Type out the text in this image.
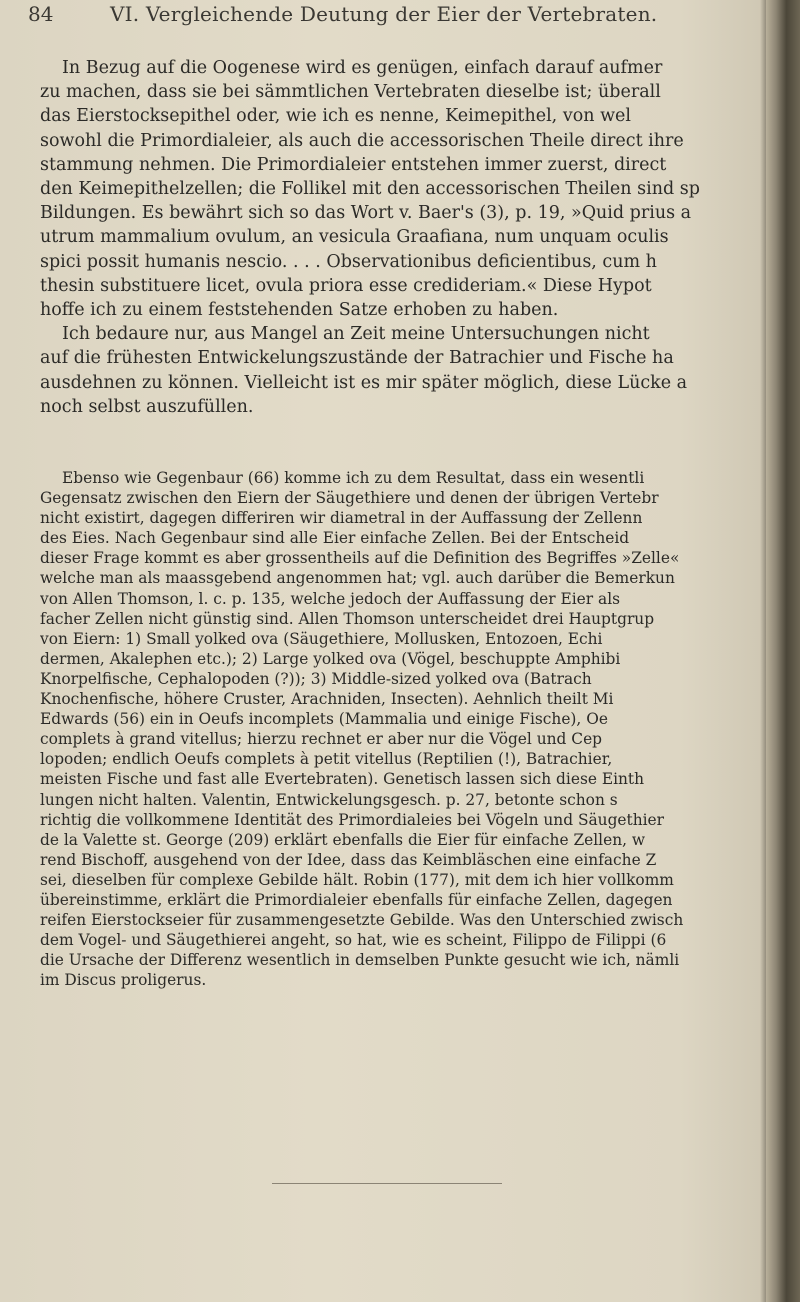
84	VI. Vergleichende Deutung der Eier der Vertebraten.

In Bezug auf die Oogenese wird es genügen, einfach darauf aufmer
zu machen, dass sie bei sämmtlichen Vertebraten dieselbe ist; überall
das Eierstocksepithel oder, wie ich es nenne, Keimepithel, von wel
sowohl die Primordialeier, als auch die accessorischen Theile direct ihre
stammung nehmen. Die Primordialeier entstehen immer zuerst, direct
den Keimepithelzellen; die Follikel mit den accessorischen Theilen sind sp
Bildungen. Es bewährt sich so das Wort v. Baer's (3), p. 19, »Quid prius a
utrum mammalium ovulum, an vesicula Graafiana, num unquam oculis
spici possit humanis nescio. . . . Observationibus deficientibus, cum h
thesin substituere licet, ovula priora esse credideriam.« Diese Hypot
hoffe ich zu einem feststehenden Satze erhoben zu haben.

Ich bedaure nur, aus Mangel an Zeit meine Untersuchungen nicht
auf die frühesten Entwickelungszustände der Batrachier und Fische ha
ausdehnen zu können. Vielleicht ist es mir später möglich, diese Lücke a
noch selbst auszufüllen.

Ebenso wie Gegenbaur (66) komme ich zu dem Resultat, dass ein wesentli
Gegensatz zwischen den Eiern der Säugethiere und denen der übrigen Vertebr
nicht existirt, dagegen differiren wir diametral in der Auffassung der Zellenn
des Eies. Nach Gegenbaur sind alle Eier einfache Zellen. Bei der Entscheid
dieser Frage kommt es aber grossentheils auf die Definition des Begriffes »Zelle«
welche man als maassgebend angenommen hat; vgl. auch darüber die Bemerkun
von Allen Thomson, l. c. p. 135, welche jedoch der Auffassung der Eier als
facher Zellen nicht günstig sind. Allen Thomson unterscheidet drei Hauptgrup
von Eiern: 1) Small yolked ova (Säugethiere, Mollusken, Entozoen, Echi
dermen, Akalephen etc.); 2) Large yolked ova (Vögel, beschuppte Amphibi
Knorpelfische, Cephalopoden (?)); 3) Middle-sized yolked ova (Batrach
Knochenfische, höhere Cruster, Arachniden, Insecten). Aehnlich theilt Mi
Edwards (56) ein in Oeufs incomplets (Mammalia und einige Fische), Oe
complets à grand vitellus; hierzu rechnet er aber nur die Vögel und Cep
lopoden; endlich Oeufs complets à petit vitellus (Reptilien (!), Batrachier,
meisten Fische und fast alle Evertebraten). Genetisch lassen sich diese Einth
lungen nicht halten. Valentin, Entwickelungsgesch. p. 27, betonte schon s
richtig die vollkommene Identität des Primordialeies bei Vögeln und Säugethier
de la Valette st. George (209) erklärt ebenfalls die Eier für einfache Zellen, w
rend Bischoff, ausgehend von der Idee, dass das Keimbläschen eine einfache Z
sei, dieselben für complexe Gebilde hält. Robin (177), mit dem ich hier vollkomm
übereinstimme, erklärt die Primordialeier ebenfalls für einfache Zellen, dagegen
reifen Eierstockseier für zusammengesetzte Gebilde. Was den Unterschied zwisch
dem Vogel- und Säugethierei angeht, so hat, wie es scheint, Filippo de Filippi (6
die Ursache der Differenz wesentlich in demselben Punkte gesucht wie ich, nämli
im Discus proligerus.
